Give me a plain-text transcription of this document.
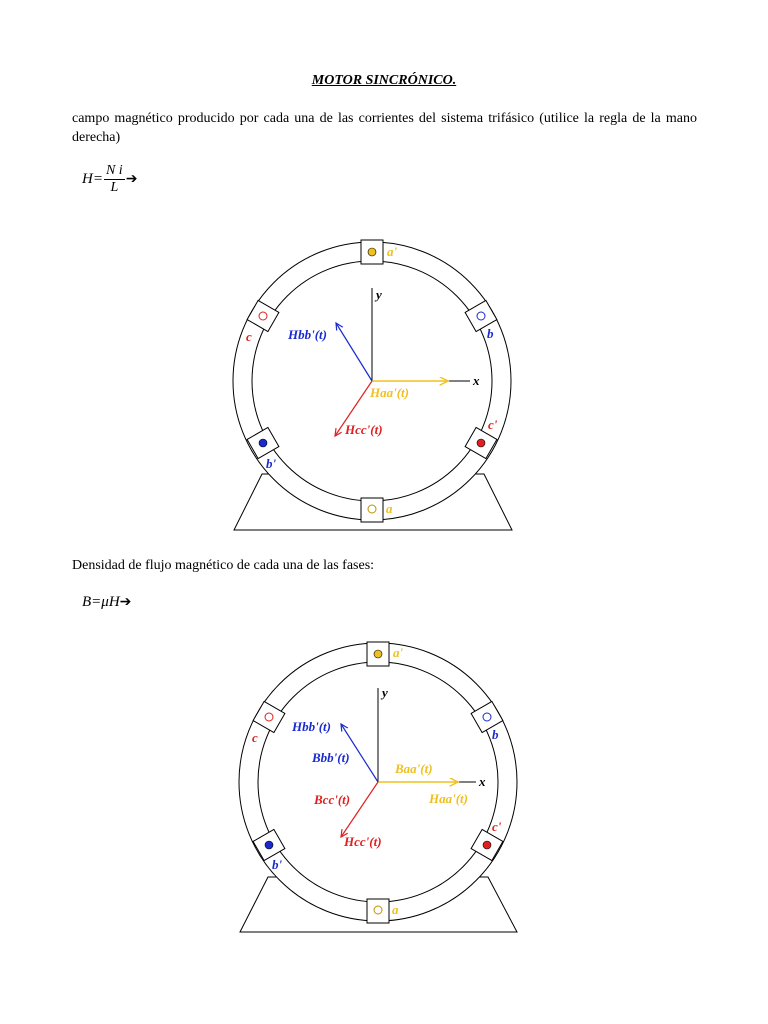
MOTOR SINCRÓNICO.
campo magnético producido por cada una de las corrientes del sistema trifásico (utilice la regla de la mano derecha)
$H= \frac{\text{N i}}{L}$ ➔
a'
a
b
c'
c
b'
y
x
Haa'(t)
Hbb'(t)
Hcc'(t)
Densidad de flujo magnético de cada una de las fases:
B=μH➔
a'
a
b
c'
c
b'
y
x
Baa'(t)
Haa'(t)
Hbb'(t)
Bbb'(t)
Bcc'(t)
Hcc'(t)
